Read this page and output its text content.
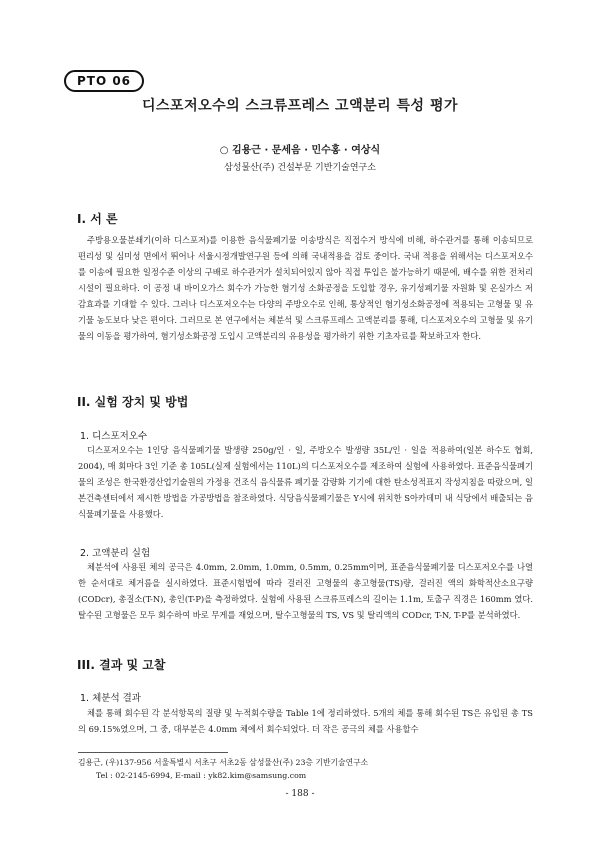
PTO 06
디스포저오수의 스크류프레스 고액분리 특성 평가
○ 김용근 · 문세음 · 민수홍 · 여상식
삼성물산(주) 건설부문 기반기술연구소
I. 서 론

주방용오물분쇄기(이하 디스포저)를 이용한 음식물폐기물 이송방식은 직접수거 방식에 비해, 하수관거를 통해 이송되므로 편리성 및 심미성 면에서 뛰어나 서울시정개발연구원 등에 의해 국내적용을 검토 중이다. 국내 적용을 위해서는 디스포저오수를 이송에 필요한 일정수준 이상의 구배로 하수관거가 설치되어있지 않아 직접 투입은 불가능하기 때문에, 배수를 위한 전처리시설이 필요하다. 이 공정 내 바이오가스 회수가 가능한 혐기성 소화공정을 도입할 경우, 유기성폐기물 자원화 및 온실가스 저감효과를 기대할 수 있다. 그러나 디스포저오수는 다양의 주방오수로 인해, 통상적인 혐기성소화공정에 적용되는 고형물 및 유기물 농도보다 낮은 편이다. 그러므로 본 연구에서는 체분석 및 스크류프레스 고액분리를 통해, 디스포저오수의 고형물 및 유기물의 이동을 평가하여, 혐기성소화공정 도입시 고액분리의 유용성을 평가하기 위한 기초자료를 확보하고자 한다.

II. 실험 장치 및 방법
1. 디스포저오수

디스포저오수는 1인당 음식물폐기물 발생량 250g/인 · 일, 주방오수 발생량 35L/인 · 일을 적용하여(일본 하수도 협회, 2004), 매 회마다 3인 기준 총 105L(실제 실험에서는 110L)의 디스포저오수를 제조하여 실험에 사용하였다. 표준음식물폐기물의 조성은 한국환경산업기술원의 가정용 건조식 음식물류 폐기물 감량화 기기에 대한 탄소성적표지 작성지침을 따랐으며, 일본건축센터에서 제시한 방법을 가공방법을 참조하였다. 식당음식물폐기물은 Y시에 위치한 S아카데미 내 식당에서 배출되는 음식물폐기물을 사용했다.

2. 고액분리 실험

체분석에 사용된 체의 공극은 4.0mm, 2.0mm, 1.0mm, 0.5mm, 0.25mm이며, 표준음식물폐기물 디스포저오수를 나열한 순서대로 체거름을 실시하였다. 표준시험법에 따라 걸러진 고형물의 총고형물(TS)량, 걸러진 액의 화학적산소요구량(CODcr), 총질소(T-N), 총인(T-P)을 측정하였다. 실험에 사용된 스크류프레스의 길이는 1.1m, 토출구 직경은 160mm 였다. 탈수된 고형물은 모두 회수하여 바로 무게를 재었으며, 탈수고형물의 TS, VS 및 탈리액의 CODcr, T-N, T-P를 분석하였다.

III. 결과 및 고찰
1. 체분석 결과

체를 통해 회수된 각 분석항목의 질량 및 누적회수량을 Table 1에 정리하였다. 5개의 체를 통해 회수된 TS은 유입된 총 TS의 69.15%였으며, 그 중, 대부분은 4.0mm 체에서 회수되었다. 더 작은 공극의 체를 사용할수

김용근, (우)137-956 서울특별시 서초구 서초2동 삼성물산(주) 23층 기반기술연구소
Tel : 02-2145-6994, E-mail : yk82.kim@samsung.com
- 188 -
